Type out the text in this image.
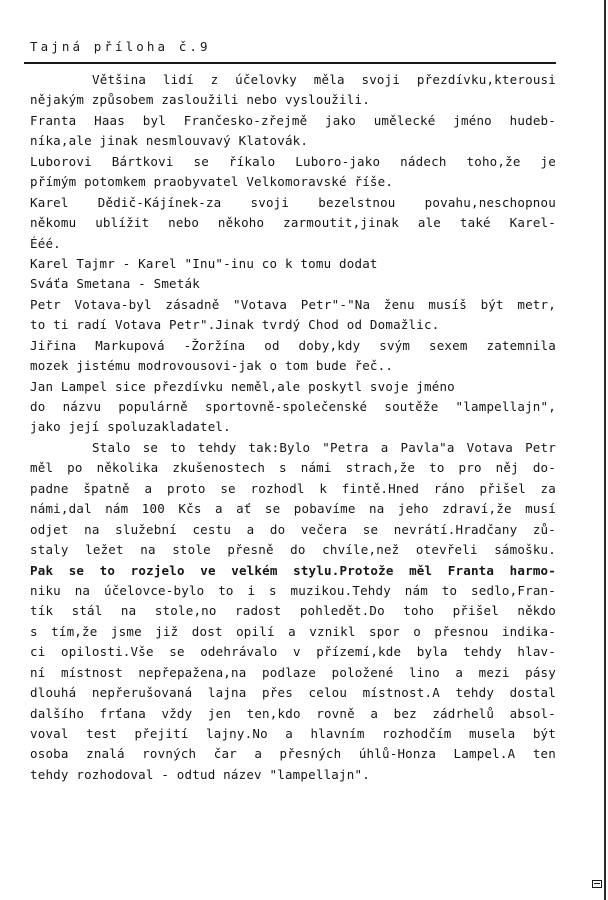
Tajná příloha č.9
Většina lidí z účelovky měla svoji přezdívku,kterousi
nějakým způsobem zasloužili nebo vysloužili.
Franta Haas byl Frančesko-zřejmě jako umělecké jméno hudeb-
níka,ale jinak nesmlouvavý Klatovák.
Luborovi Bártkovi se říkalo Luboro-jako nádech toho,že je
přímým potomkem praobyvatel Velkomoravské říše.
Karel Dědič-Kájínek-za svoji bezelstnou povahu,neschopnou
někomu ublížit nebo někoho zarmoutit,jinak ale také Karel-
Ééé.
Karel Tajmr - Karel "Inu"-inu co k tomu dodat
Sváťa Smetana - Smeták
Petr Votava-byl zásadně "Votava Petr"-"Na ženu musíš být metr,
to ti radí Votava Petr".Jinak tvrdý Chod od Domažlic.
Jiřina Markupová -Žoržína od doby,kdy svým sexem zatemnila
mozek jistému modrovousovi-jak o tom bude řeč..
Jan Lampel sice přezdívku neměl,ale poskytl svoje jméno
do názvu populárně sportovně-společenské soutěže "lampellajn",
jako její spoluzakladatel.
Stalo se to tehdy tak:Bylo "Petra a Pavla"a Votava Petr
měl po několika zkušenostech s námi strach,že to pro něj do-
padne špatně a proto se rozhodl k fintě.Hned ráno přišel za
námi,dal nám 100 Kčs a ať se pobavíme na jeho zdraví,že musí
odjet na služební cestu a do večera se nevrátí.Hradčany zů-
staly ležet na stole přesně do chvíle,než otevřeli sámošku.
Pak se to rozjelo ve velkém stylu.Protože měl Franta harmo-
niku na účelovce-bylo to i s muzikou.Tehdy nám to sedlo,Fran-
tík stál na stole,no radost pohledět.Do toho přišel někdo
s tím,že jsme již dost opilí a vznikl spor o přesnou indika-
ci opilosti.Vše se odehrávalo v přízemí,kde byla tehdy hlav-
ní místnost nepřepažena,na podlaze položené lino a mezi pásy
dlouhá nepřerušovaná lajna přes celou místnost.A tehdy dostal
dalšího frťana vždy jen ten,kdo rovně a bez zádrhelů absol-
voval test přejití lajny.No a hlavním rozhodčím musela být
osoba znalá rovných čar a přesných úhlů-Honza Lampel.A ten
tehdy rozhodoval - odtud název "lampellajn".
